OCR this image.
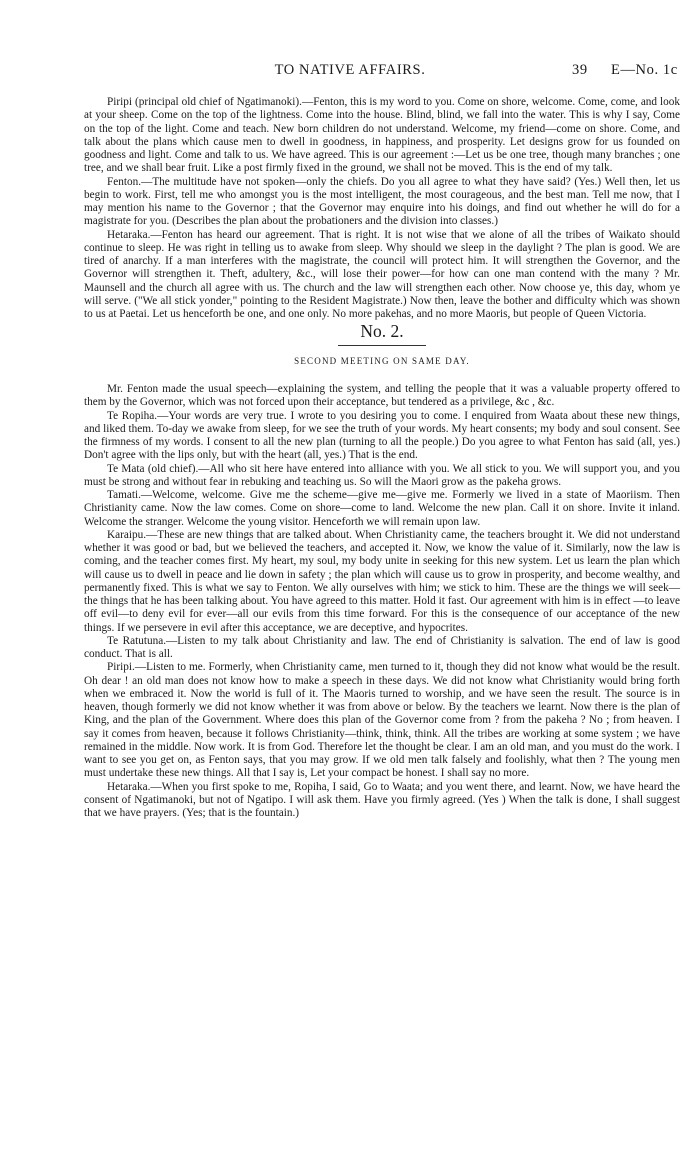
TO NATIVE AFFAIRS.	39 E—No. 1c

Piripi (principal old chief of Ngatimanoki).—Fenton, this is my word to you. Come on shore, welcome. Come, come, and look at your sheep. Come on the top of the lightness. Come into the house. Blind, blind, we fall into the water. This is why I say, Come on the top of the light. Come and teach. New born children do not understand. Welcome, my friend—come on shore. Come, and talk about the plans which cause men to dwell in goodness, in happiness, and prosperity. Let designs grow for us founded on goodness and light. Come and talk to us. We have agreed. This is our agreement :—Let us be one tree, though many branches ; one tree, and we shall bear fruit. Like a post firmly fixed in the ground, we shall not be moved. This is the end of my talk.

Fenton.—The multitude have not spoken—only the chiefs. Do you all agree to what they have said? (Yes.) Well then, let us begin to work. First, tell me who amongst you is the most intelligent, the most courageous, and the best man. Tell me now, that I may mention his name to the Governor ; that the Governor may enquire into his doings, and find out whether he will do for a magistrate for you. (Describes the plan about the probationers and the division into classes.)

Hetaraka.—Fenton has heard our agreement. That is right. It is not wise that we alone of all the tribes of Waikato should continue to sleep. He was right in telling us to awake from sleep. Why should we sleep in the daylight ? The plan is good. We are tired of anarchy. If a man interferes with the magistrate, the council will protect him. It will strengthen the Governor, and the Governor will strengthen it. Theft, adultery, &c., will lose their power—for how can one man contend with the many ? Mr. Maunsell and the church all agree with us. The church and the law will strengthen each other. Now choose ye, this day, whom ye will serve. ("We all stick yonder," pointing to the Resident Magistrate.) Now then, leave the bother and difficulty which was shown to us at Paetai. Let us henceforth be one, and one only. No more pakehas, and no more Maoris, but people of Queen Victoria.

No. 2.
SECOND MEETING ON SAME DAY.

Mr. Fenton made the usual speech—explaining the system, and telling the people that it was a valuable property offered to them by the Governor, which was not forced upon their acceptance, but tendered as a privilege, &c , &c.

Te Ropiha.—Your words are very true. I wrote to you desiring you to come. I enquired from Waata about these new things, and liked them. To-day we awake from sleep, for we see the truth of your words. My heart consents; my body and soul consent. See the firmness of my words. I consent to all the new plan (turning to all the people.) Do you agree to what Fenton has said (all, yes.) Don't agree with the lips only, but with the heart (all, yes.) That is the end.

Te Mata (old chief).—All who sit here have entered into alliance with you. We all stick to you. We will support you, and you must be strong and without fear in rebuking and teaching us. So will the Maori grow as the pakeha grows.

Tamati.—Welcome, welcome. Give me the scheme—give me—give me. Formerly we lived in a state of Maoriism. Then Christianity came. Now the law comes. Come on shore—come to land. Welcome the new plan. Call it on shore. Invite it inland. Welcome the stranger. Welcome the young visitor. Henceforth we will remain upon law.

Karaipu.—These are new things that are talked about. When Christianity came, the teachers brought it. We did not understand whether it was good or bad, but we believed the teachers, and accepted it. Now, we know the value of it. Similarly, now the law is coming, and the teacher comes first. My heart, my soul, my body unite in seeking for this new system. Let us learn the plan which will cause us to dwell in peace and lie down in safety ; the plan which will cause us to grow in prosperity, and become wealthy, and permanently fixed. This is what we say to Fenton. We ally ourselves with him; we stick to him. These are the things we will seek—the things that he has been talking about. You have agreed to this matter. Hold it fast. Our agreement with him is in effect —to leave off evil—to deny evil for ever—all our evils from this time forward. For this is the consequence of our acceptance of the new things. If we persevere in evil after this acceptance, we are deceptive, and hypocrites.

Te Ratutuna.—Listen to my talk about Christianity and law. The end of Christianity is salvation. The end of law is good conduct. That is all.

Piripi.—Listen to me. Formerly, when Christianity came, men turned to it, though they did not know what would be the result. Oh dear ! an old man does not know how to make a speech in these days. We did not know what Christianity would bring forth when we embraced it. Now the world is full of it. The Maoris turned to worship, and we have seen the result. The source is in heaven, though formerly we did not know whether it was from above or below. By the teachers we learnt. Now there is the plan of King, and the plan of the Government. Where does this plan of the Governor come from ? from the pakeha ? No ; from heaven. I say it comes from heaven, because it follows Christianity—think, think, think. All the tribes are working at some system ; we have remained in the middle. Now work. It is from God. Therefore let the thought be clear. I am an old man, and you must do the work. I want to see you get on, as Fenton says, that you may grow. If we old men talk falsely and foolishly, what then ? The young men must undertake these new things. All that I say is, Let your compact be honest. I shall say no more.

Hetaraka.—When you first spoke to me, Ropiha, I said, Go to Waata; and you went there, and learnt. Now, we have heard the consent of Ngatimanoki, but not of Ngatipo. I will ask them. Have you firmly agreed. (Yes ) When the talk is done, I shall suggest that we have prayers. (Yes; that is the fountain.)
